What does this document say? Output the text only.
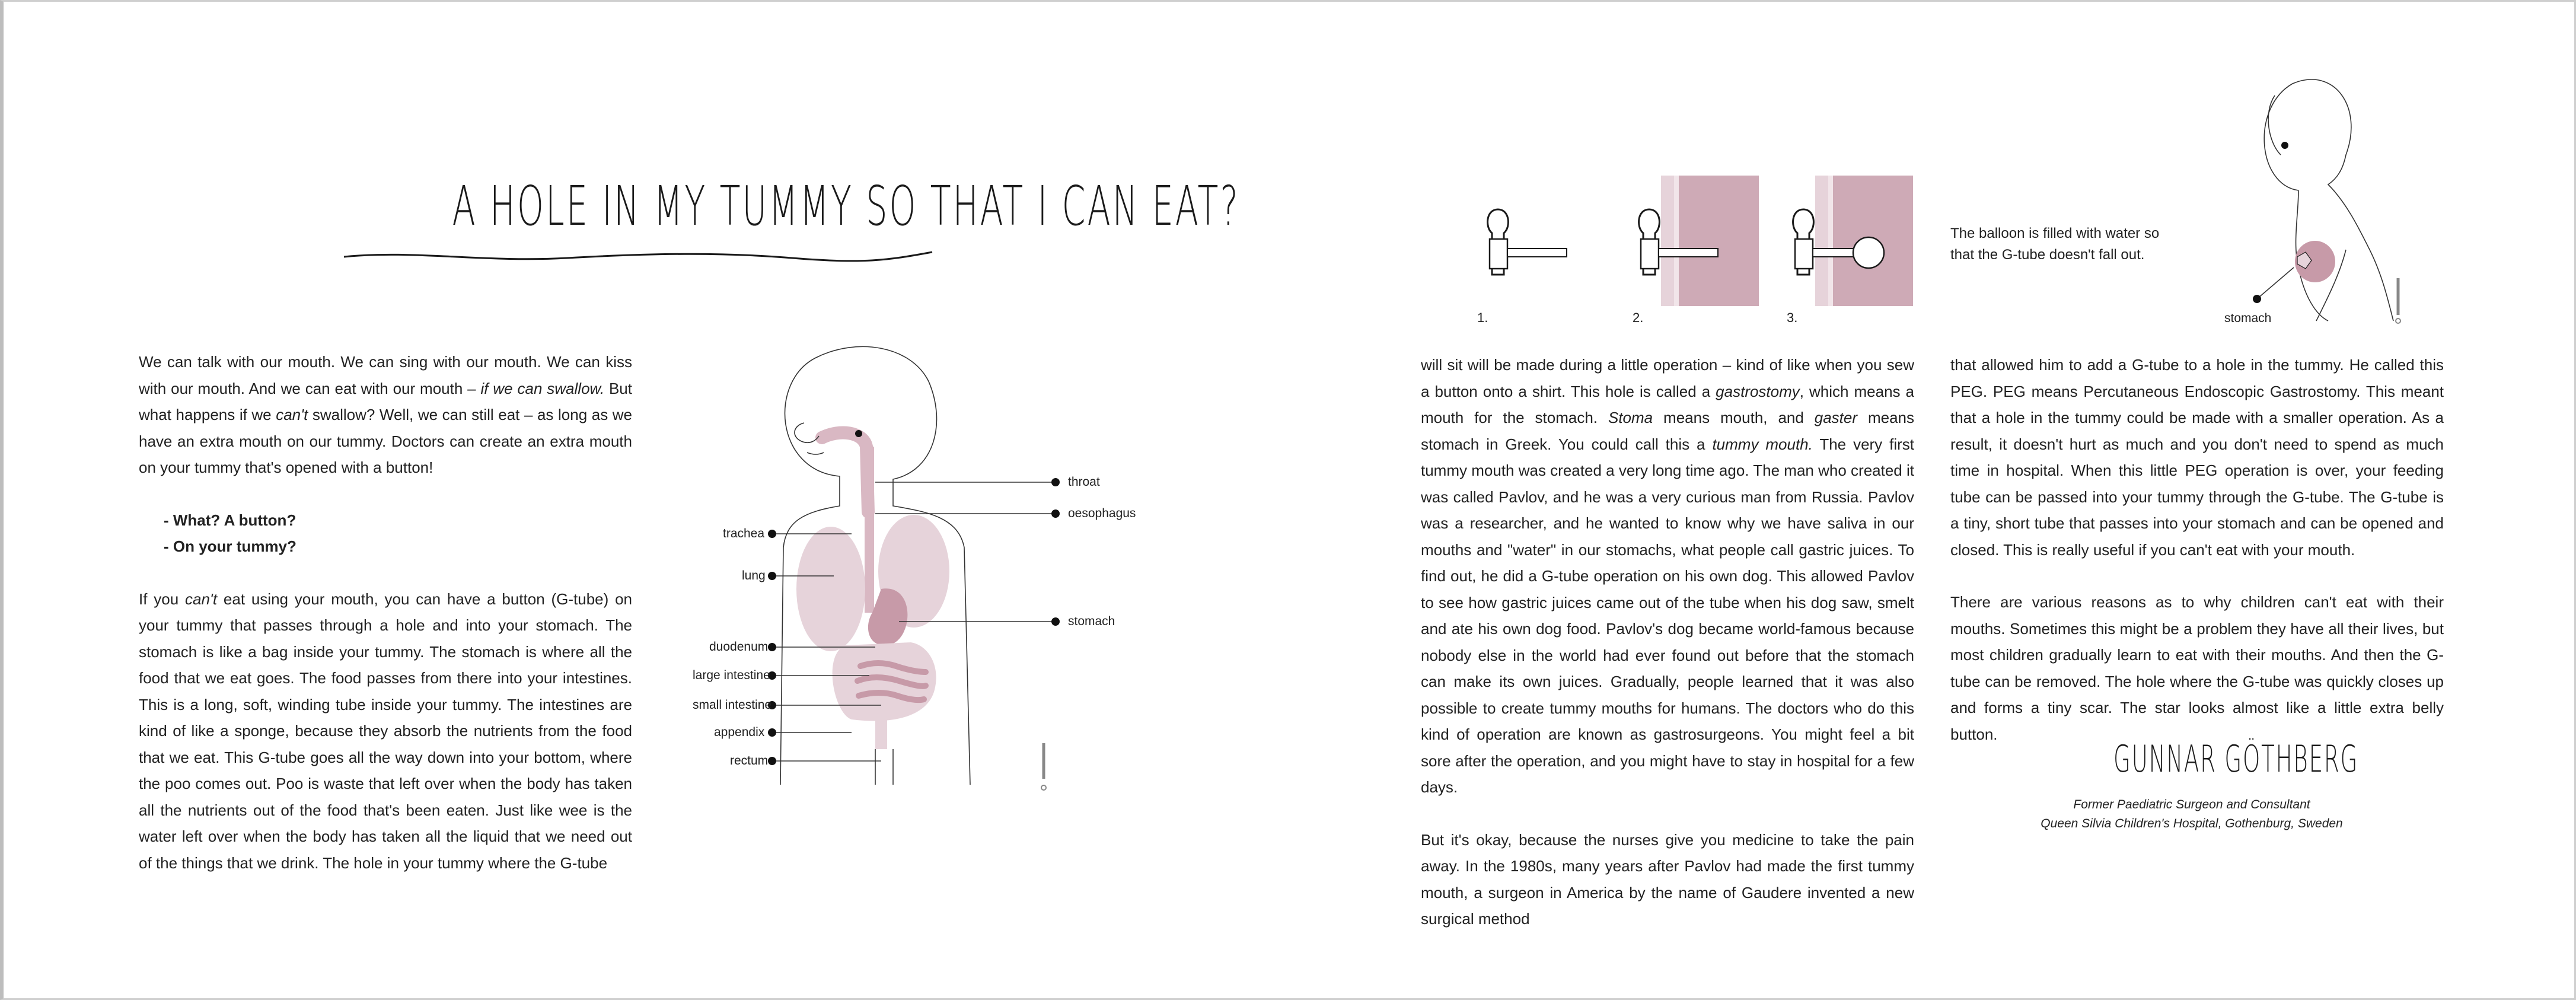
A HOLE IN MY TUMMY SO THAT I CAN EAT?

We can talk with our mouth. We can sing with our mouth. We can kiss with our mouth. And we can eat with our mouth – if we can swallow. But what happens if we can't swallow? Well, we can still eat – as long as we have an extra mouth on our tummy. Doctors can create an extra mouth on your tummy that's opened with a button!

- What? A button?
- On your tummy?

If you can't eat using your mouth, you can have a button (G-tube) on your tummy that passes through a hole and into your stomach. The stomach is like a bag inside your tummy. The stomach is where all the food that we eat goes. The food passes from there into your intestines. This is a long, soft, winding tube inside your tummy. The intestines are kind of like a sponge, because they absorb the nutrients from the food that we eat. This G-tube goes all the way down into your bottom, where the poo comes out. Poo is waste that left over when the body has taken all the nutrients out of the food that's been eaten. Just like wee is the water left over when the body has taken all the liquid that we need out of the things that we drink. The hole in your tummy where the G-tube

throat
oesophagus
trachea
lung
stomach
duodenum
large intestine
small intestine
appendix
rectum
1.	2.	3.
The balloon is filled with water so that the G-tube doesn't fall out.
stomach

will sit will be made during a little operation – kind of like when you sew a button onto a shirt. This hole is called a gastrostomy, which means a mouth for the stomach. Stoma means mouth, and gaster means stomach in Greek. You could call this a tummy mouth. The very first tummy mouth was created a very long time ago. The man who created it was called Pavlov, and he was a very curious man from Russia. Pavlov was a researcher, and he wanted to know why we have saliva in our mouths and "water" in our stomachs, what people call gastric juices. To find out, he did a G-tube operation on his own dog. This allowed Pavlov to see how gastric juices came out of the tube when his dog saw, smelt and ate his own dog food. Pavlov's dog became world-famous because nobody else in the world had ever found out before that the stomach can make its own juices. Gradually, people learned that it was also possible to create tummy mouths for humans. The doctors who do this kind of operation are known as gastrosurgeons. You might feel a bit sore after the operation, and you might have to stay in hospital for a few days.

But it's okay, because the nurses give you medicine to take the pain away. In the 1980s, many years after Pavlov had made the first tummy mouth, a surgeon in America by the name of Gaudere invented a new surgical method

that allowed him to add a G-tube to a hole in the tummy. He called this PEG. PEG means Percutaneous Endoscopic Gastrostomy. This meant that a hole in the tummy could be made with a smaller operation. As a result, it doesn't hurt as much and you don't need to spend as much time in hospital. When this little PEG operation is over, your feeding tube can be passed into your tummy through the G-tube. The G-tube is a tiny, short tube that passes into your stomach and can be opened and closed. This is really useful if you can't eat with your mouth.

There are various reasons as to why children can't eat with their mouths. Sometimes this might be a problem they have all their lives, but most children gradually learn to eat with their mouths. And then the G-tube can be removed. The hole where the G-tube was quickly closes up and forms a tiny scar. The star looks almost like a little extra belly button.

GUNNAR GÖTHBERG
Former Paediatric Surgeon and Consultant
Queen Silvia Children's Hospital, Gothenburg, Sweden
